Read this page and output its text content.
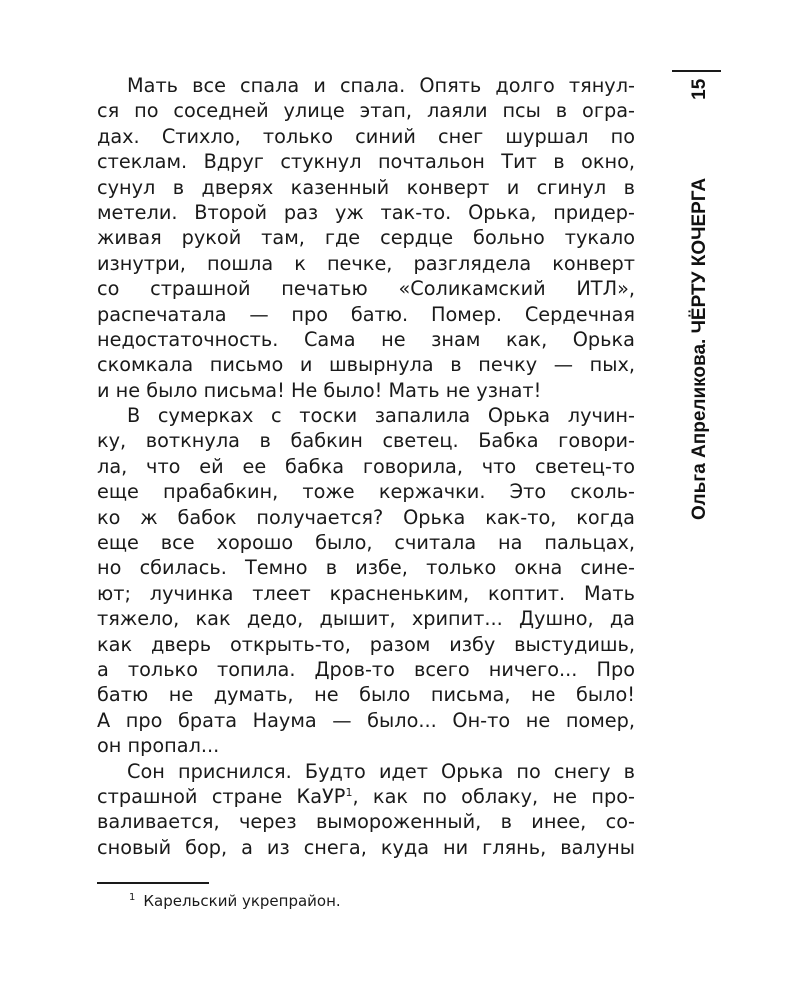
Мать все спала и спала. Опять долго тянул-
ся по соседней улице этап, лаяли псы в огра-
дах. Стихло, только синий снег шуршал по
стеклам. Вдруг стукнул почтальон Тит в окно,
сунул в дверях казенный конверт и сгинул в
метели. Второй раз уж так-то. Орька, придер-
живая рукой там, где сердце больно тукало
изнутри, пошла к печке, разглядела конверт
со страшной печатью «Соликамский ИТЛ»,
распечатала — про батю. Помер. Сердечная
недостаточность. Сама не знам как, Орька
скомкала письмо и швырнула в печку — пых,
и не было письма! Не было! Мать не узнат!
В сумерках с тоски запалила Орька лучин-
ку, воткнула в бабкин светец. Бабка говори-
ла, что ей ее бабка говорила, что светец-то
еще прабабкин, тоже кержачки. Это сколь-
ко ж бабок получается? Орька как-то, когда
еще все хорошо было, считала на пальцах,
но сбилась. Темно в избе, только окна сине-
ют; лучинка тлеет красненьким, коптит. Мать
тяжело, как дедо, дышит, хрипит... Душно, да
как дверь открыть-то, разом избу выстудишь,
а только топила. Дров-то всего ничего... Про
батю не думать, не было письма, не было!
А про брата Наума — было... Он-то не помер,
он пропал...
Сон приснился. Будто идет Орька по снегу в
страшной стране КаУР$^1$, как по облаку, не про-
валивается, через вымороженный, в инее, со-
сновый бор, а из снега, куда ни глянь, валуны
$^1$ Карельский укрепрайон.
Ольга Апреликова. ЧЁРТУ КОЧЕРГА15
